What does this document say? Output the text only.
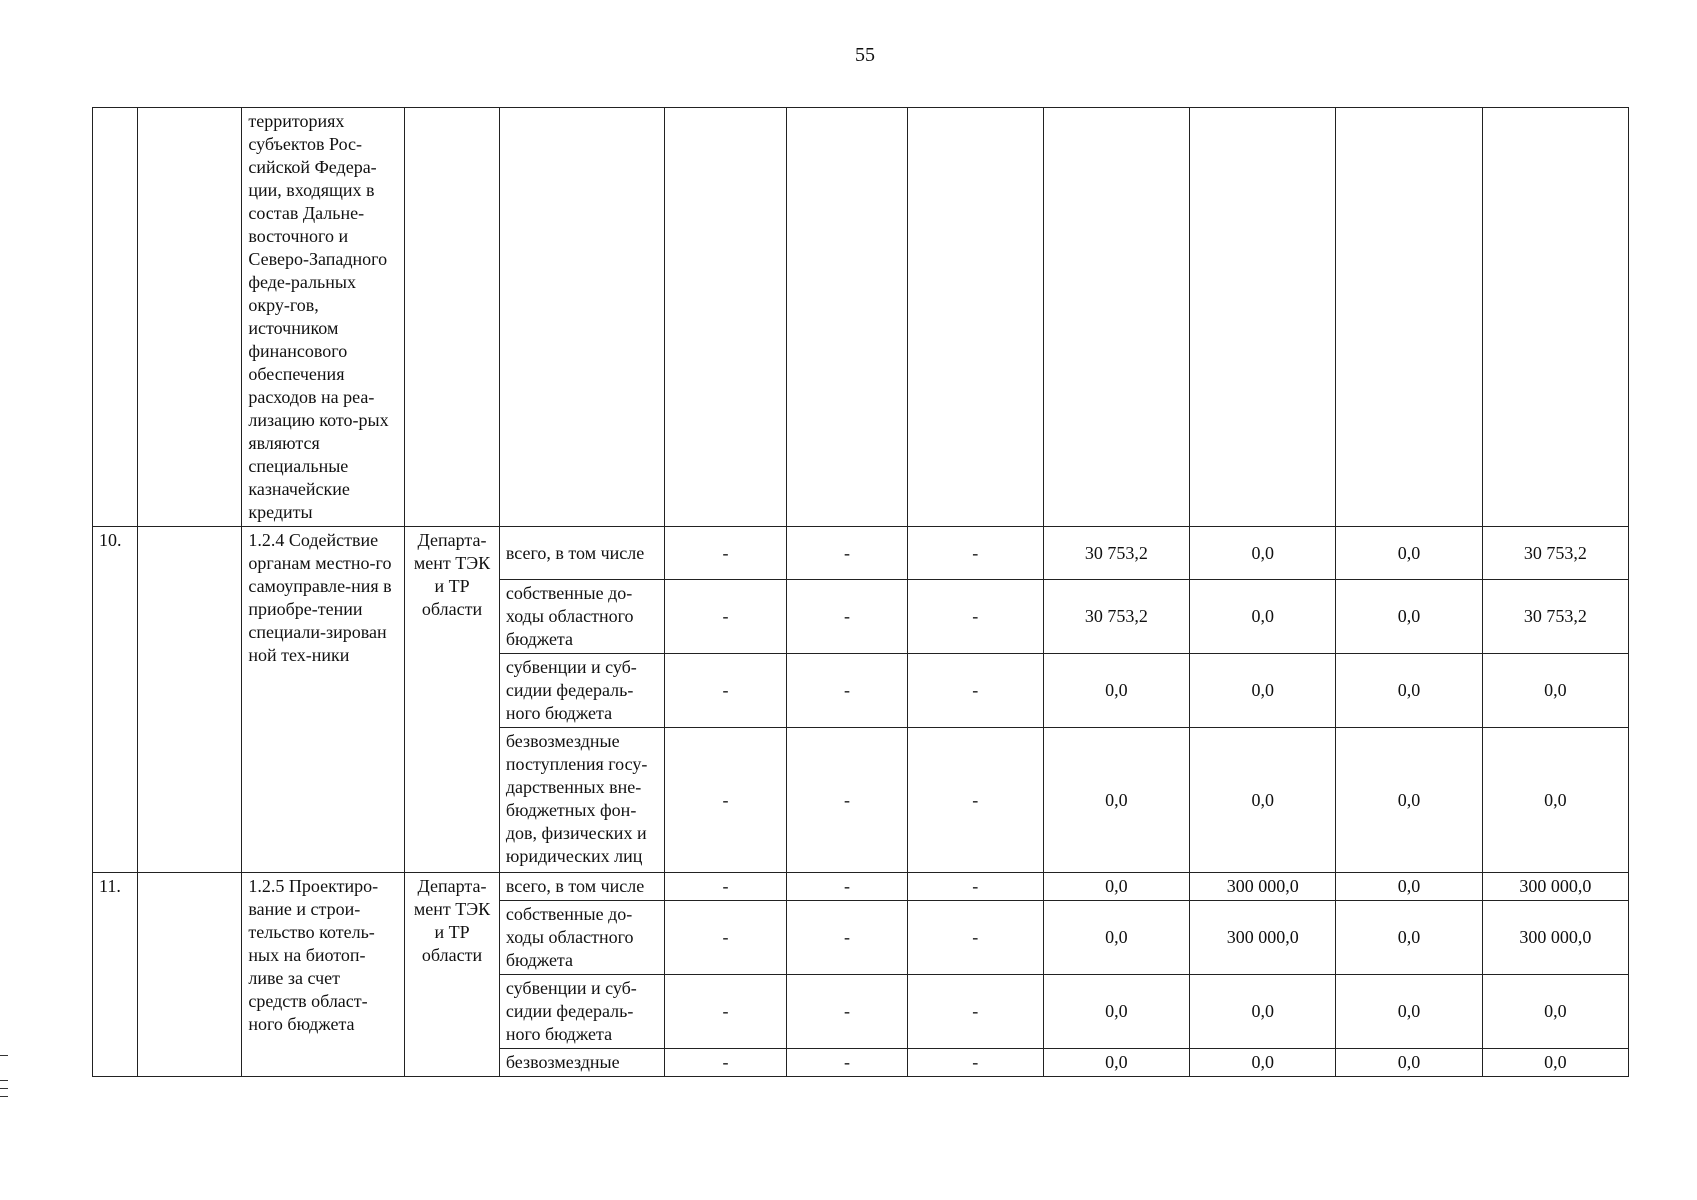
55
		территориях субъектов Рос-сийской Федера-ции, входящих в состав Дальне-восточного и Северо-Западного феде-ральных окру-гов, источником финансового обеспечения расходов на реа-лизацию кото-рых являются специальные казначейские кредиты									
10.		1.2.4 Содействие органам местно-го самоуправле-ния в приобре-тении специали-зирован ной тех-ники	Департа-мент ТЭК и ТР области	всего, в том числе	-	-	-	30 753,2	0,0	0,0	30 753,2
				собственные до-ходы областного бюджета	-	-	-	30 753,2	0,0	0,0	30 753,2
				субвенции и суб-сидии федераль-ного бюджета	-	-	-	0,0	0,0	0,0	0,0
				безвозмездные поступления госу-дарственных вне-бюджетных фон-дов, физических и юридических лиц	-	-	-	0,0	0,0	0,0	0,0
11.		1.2.5 Проектиро-вание и строи-тельство котель-ных на биотоп-ливе за счет средств област-ного бюджета	Департа-мент ТЭК и ТР области	всего, в том числе	-	-	-	0,0	300 000,0	0,0	300 000,0
				собственные до-ходы областного бюджета	-	-	-	0,0	300 000,0	0,0	300 000,0
				субвенции и суб-сидии федераль-ного бюджета	-	-	-	0,0	0,0	0,0	0,0
				безвозмездные	-	-	-	0,0	0,0	0,0	0,0
